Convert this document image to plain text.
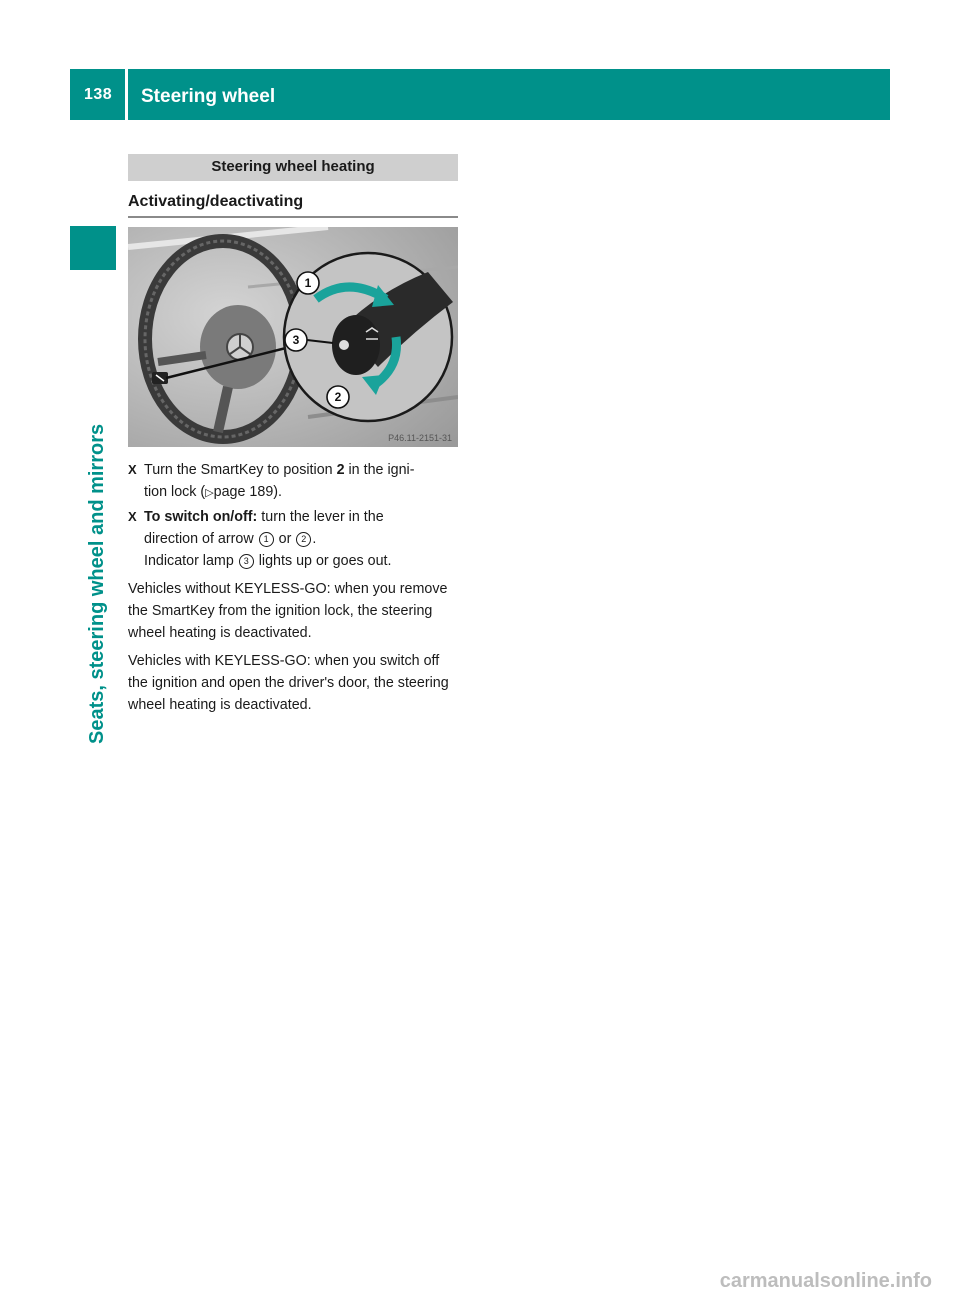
138 Steering wheel
Seats, steering wheel and mirrors
Steering wheel heating
Activating/deactivating
1
3
2
P46.11-2151-31
X Turn the SmartKey to position 2 in the igni-
tion lock (▷page 189).
X To switch on/off: turn the lever in the
direction of arrow 1 or 2 .
Indicator lamp 3 lights up or goes out.

Vehicles without KEYLESS-GO: when you remove the SmartKey from the ignition lock, the steering wheel heating is deactivated.

Vehicles with KEYLESS-GO: when you switch off the ignition and open the driver's door, the steering wheel heating is deactivated.

carmanualsonline.info
